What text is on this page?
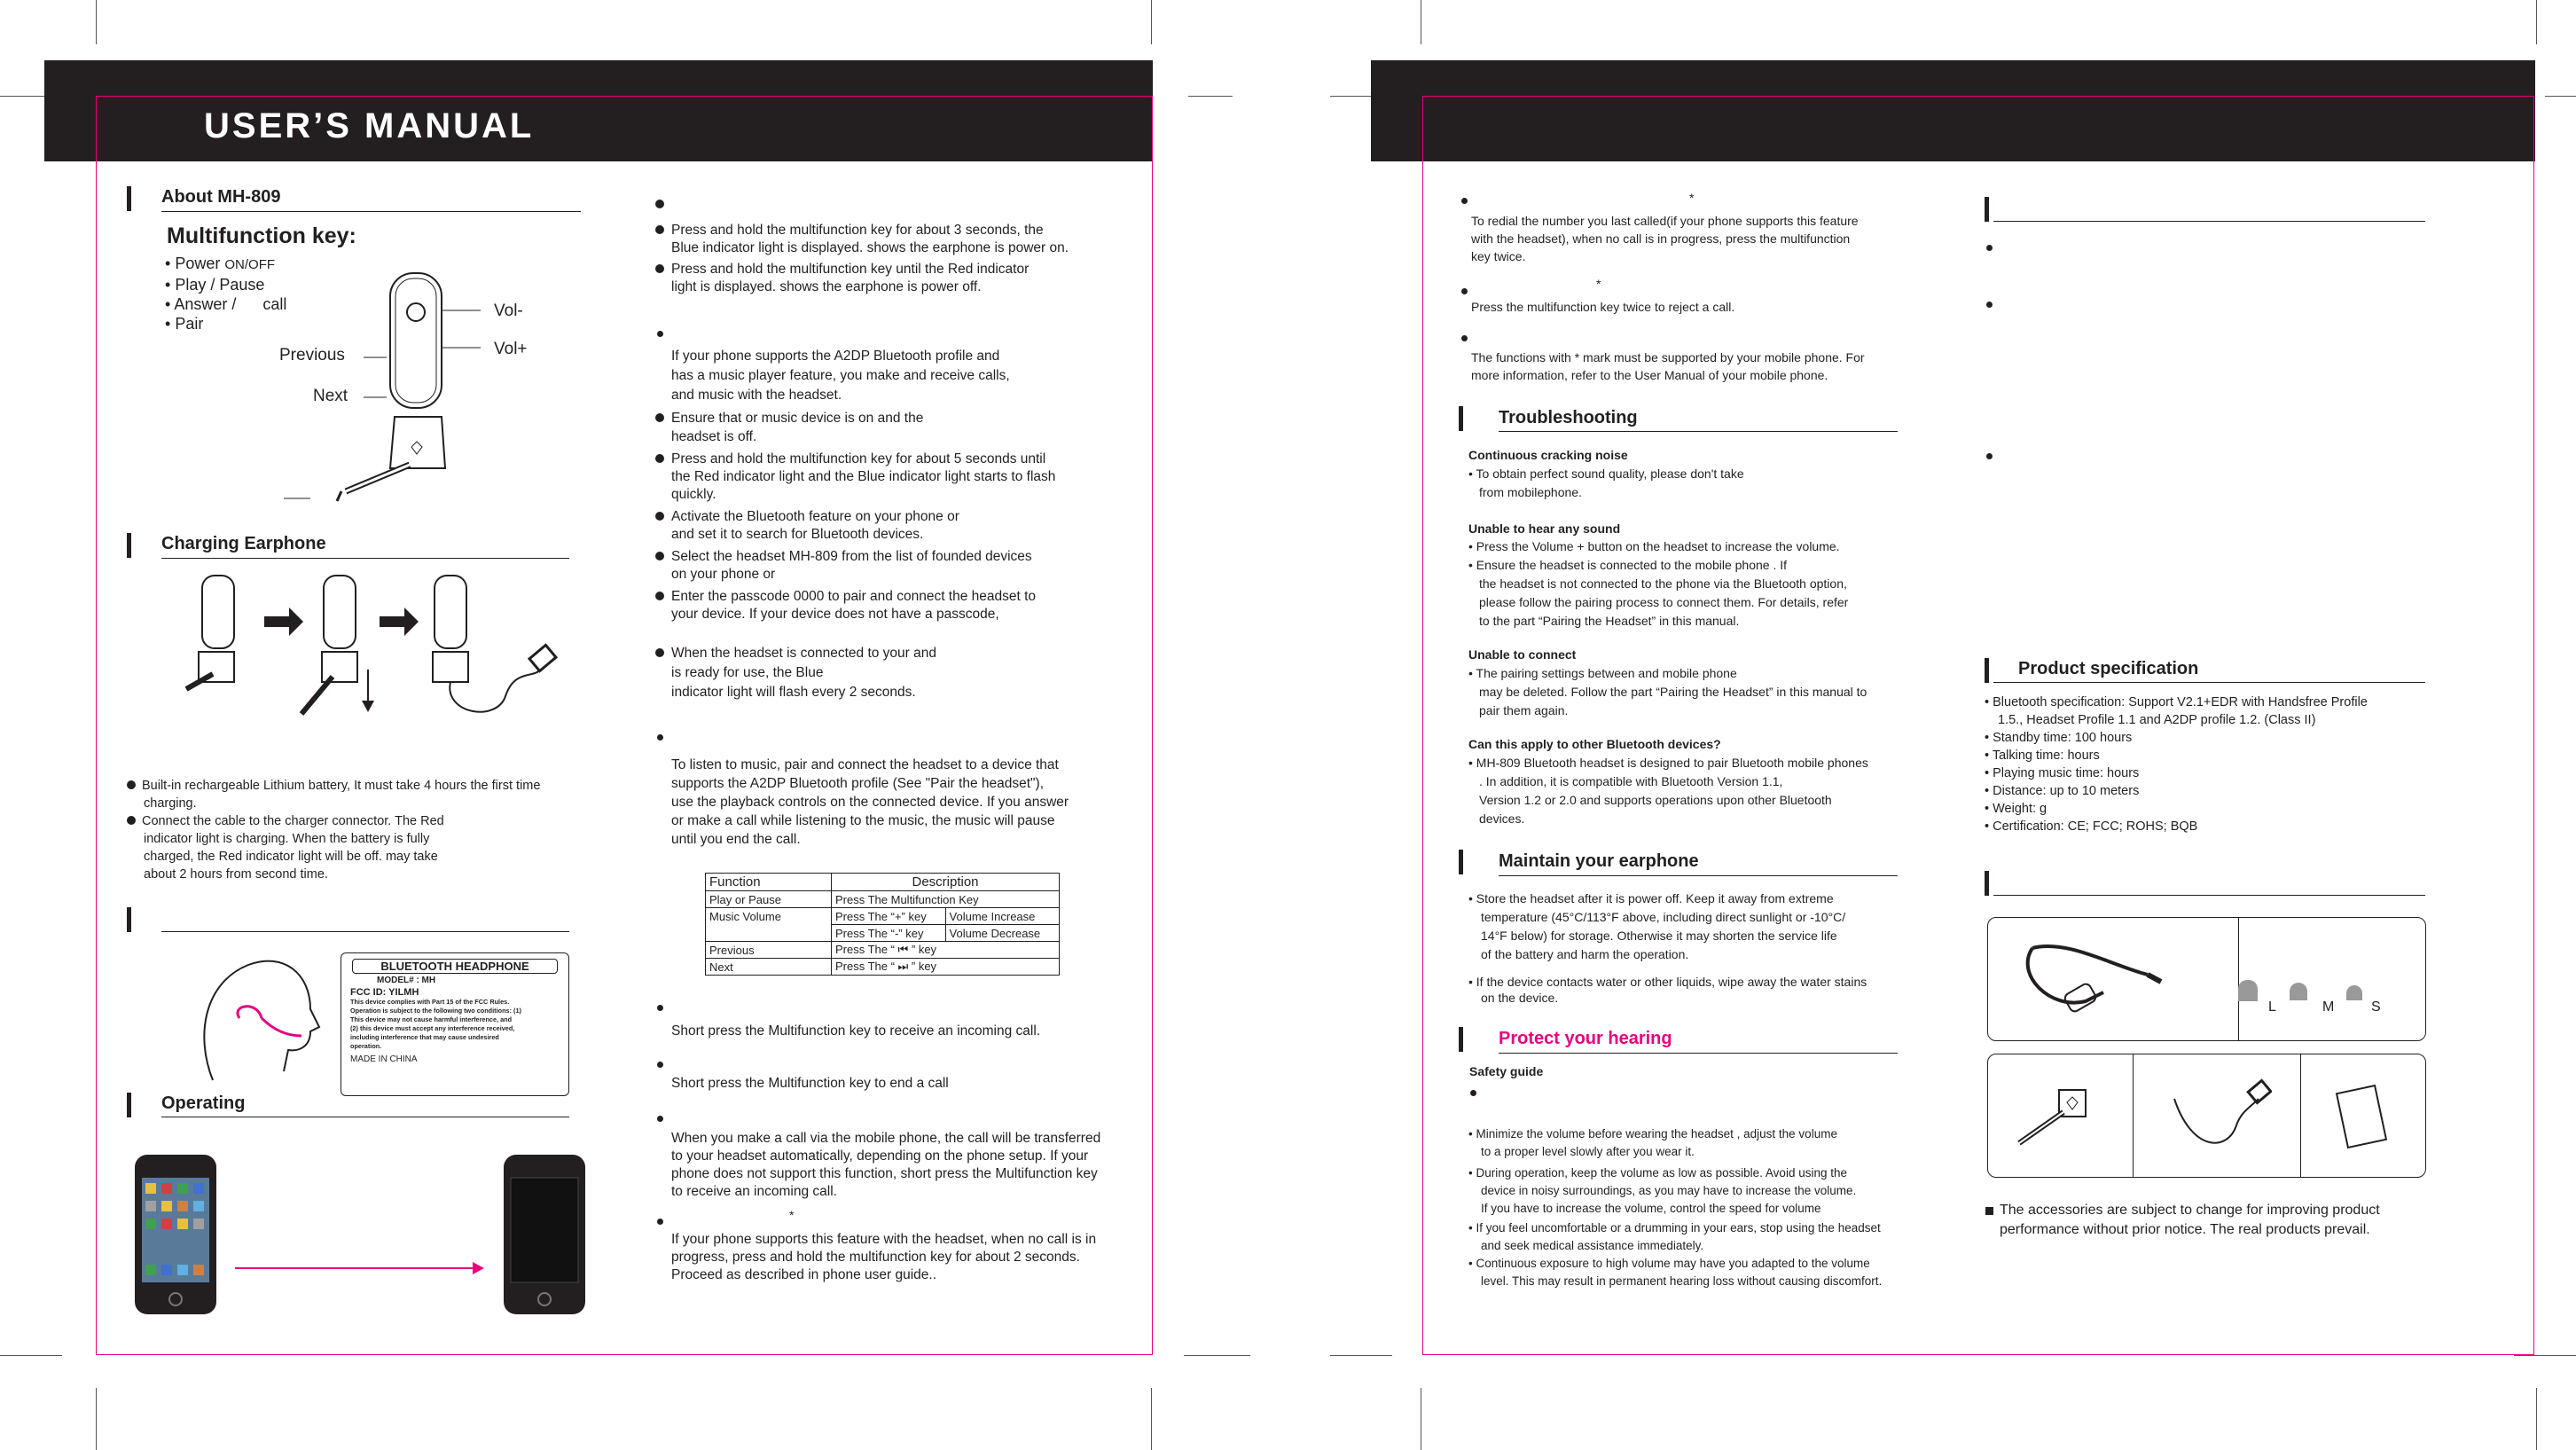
USER’S MANUAL
About MH-809
Multifunction key:
• Power ON/OFF
• Play / Pause
• Answer / call
• Pair
Vol-
Vol+
Previous
Next
Charging Earphone
Built-in rechargeable Lithium battery, It must take 4 hours the first time
charging.
Connect the cable to the charger connector. The Red
indicator light is charging. When the battery is fully
charged, the Red indicator light will be off. may take
about 2 hours from second time.
BLUETOOTH HEADPHONE
MODEL# : MH
FCC ID: YILMH
This device complies with Part 15 of the FCC Rules.
Operation is subject to the following two conditions: (1)
This device may not cause harmful interference, and
(2) this device must accept any interference received,
including interference that may cause undesired
operation.
MADE IN CHINA
Operating
Press and hold the multifunction key for about 3 seconds, the
Blue indicator light is displayed. shows the earphone is power on.
Press and hold the multifunction key until the Red indicator
light is displayed. shows the earphone is power off.
If your phone supports the A2DP Bluetooth profile and
has a music player feature, you make and receive calls,
and music with the headset.
Ensure that or music device is on and the
headset is off.
Press and hold the multifunction key for about 5 seconds until
the Red indicator light and the Blue indicator light starts to flash
quickly.
Activate the Bluetooth feature on your phone or
and set it to search for Bluetooth devices.
Select the headset MH-809 from the list of founded devices
on your phone or
Enter the passcode 0000 to pair and connect the headset to
your device. If your device does not have a passcode,
When the headset is connected to your and
is ready for use, the Blue
indicator light will flash every 2 seconds.
To listen to music, pair and connect the headset to a device that
supports the A2DP Bluetooth profile (See "Pair the headset"),
use the playback controls on the connected device. If you answer
or make a call while listening to the music, the music will pause
until you end the call.
Function	Description	
Play or Pause	Press The Multifunction Key	
Music Volume	Press The “+” key	Volume Increase
	Press The “-” key	Volume Decrease
Previous	Press The “ ⏮ ” key	
Next	Press The “ ⏭ ” key	
Short press the Multifunction key to receive an incoming call.
Short press the Multifunction key to end a call
When you make a call via the mobile phone, the call will be transferred
to your headset automatically, depending on the phone setup. If your
phone does not support this function, short press the Multifunction key
to receive an incoming call.
*
If your phone supports this feature with the headset, when no call is in
progress, press and hold the multifunction key for about 2 seconds.
Proceed as described in phone user guide..
*
To redial the number you last called(if your phone supports this feature
with the headset), when no call is in progress, press the multifunction
key twice.
*
Press the multifunction key twice to reject a call.
The functions with * mark must be supported by your mobile phone. For
more information, refer to the User Manual of your mobile phone.
Troubleshooting
Continuous cracking noise
• To obtain perfect sound quality, please don't take
from mobilephone.
Unable to hear any sound
• Press the Volume + button on the headset to increase the volume.
• Ensure the headset is connected to the mobile phone . If
the headset is not connected to the phone via the Bluetooth option,
please follow the pairing process to connect them. For details, refer
to the part “Pairing the Headset” in this manual.
Unable to connect
• The pairing settings between and mobile phone
may be deleted. Follow the part “Pairing the Headset” in this manual to
pair them again.
Can this apply to other Bluetooth devices?
• MH-809 Bluetooth headset is designed to pair Bluetooth mobile phones
. In addition, it is compatible with Bluetooth Version 1.1,
Version 1.2 or 2.0 and supports operations upon other Bluetooth
devices.
Maintain your earphone
• Store the headset after it is power off. Keep it away from extreme
temperature (45°C/113°F above, including direct sunlight or -10°C/
14°F below) for storage. Otherwise it may shorten the service life
of the battery and harm the operation.
• If the device contacts water or other liquids, wipe away the water stains
on the device.
Protect your hearing
Safety guide
• Minimize the volume before wearing the headset , adjust the volume
to a proper level slowly after you wear it.
• During operation, keep the volume as low as possible. Avoid using the
device in noisy surroundings, as you may have to increase the volume.
If you have to increase the volume, control the speed for volume
• If you feel uncomfortable or a drumming in your ears, stop using the headset
and seek medical assistance immediately.
• Continuous exposure to high volume may have you adapted to the volume
level. This may result in permanent hearing loss without causing discomfort.
Product specification
• Bluetooth specification: Support V2.1+EDR with Handsfree Profile
1.5., Headset Profile 1.1 and A2DP profile 1.2. (Class II)
• Standby time: 100 hours
• Talking time: hours
• Playing music time: hours
• Distance: up to 10 meters
• Weight: g
• Certification: CE; FCC; ROHS; BQB
L	M	S
The accessories are subject to change for improving product
performance without prior notice. The real products prevail.
